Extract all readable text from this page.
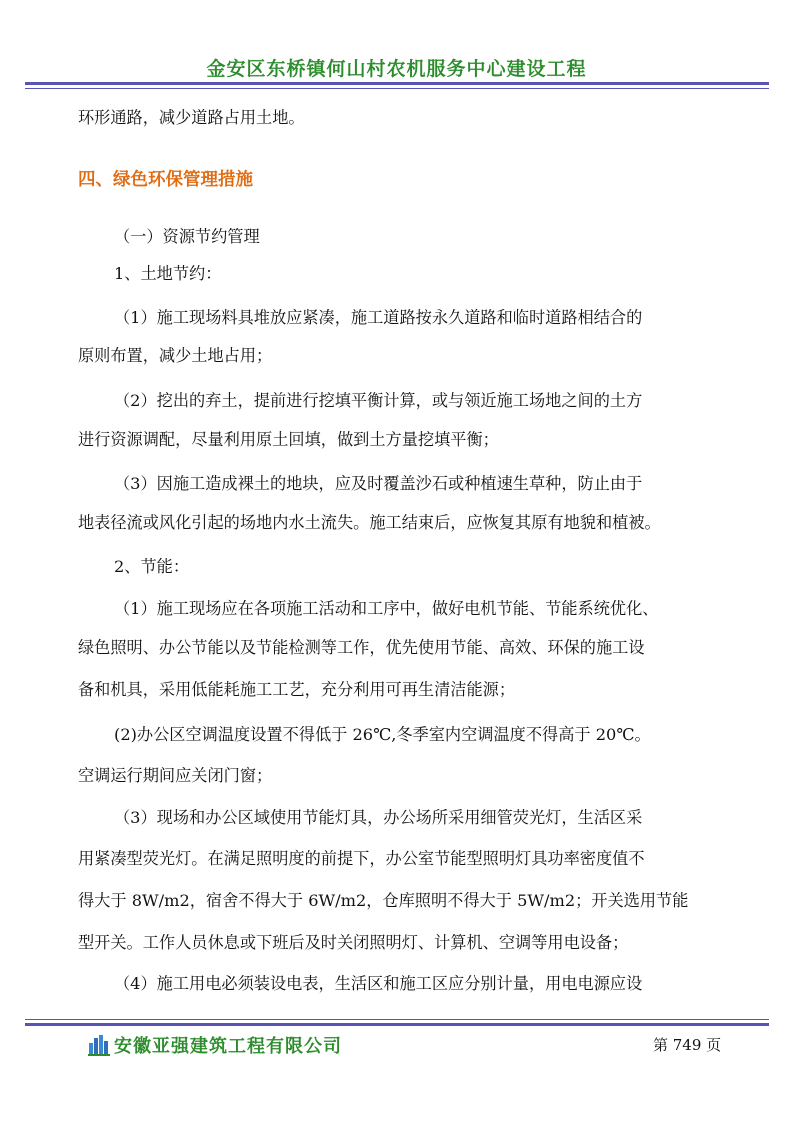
金安区东桥镇何山村农机服务中心建设工程
环形通路，减少道路占用土地。
四、绿色环保管理措施
（一）资源节约管理
1、土地节约：
（1）施工现场料具堆放应紧凑，施工道路按永久道路和临时道路相结合的
原则布置，减少土地占用；
（2）挖出的弃土，提前进行挖填平衡计算，或与领近施工场地之间的土方
进行资源调配，尽量利用原土回填，做到土方量挖填平衡；
（3）因施工造成裸土的地块，应及时覆盖沙石或种植速生草种，防止由于
地表径流或风化引起的场地内水土流失。施工结束后，应恢复其原有地貌和植被。
2、节能：
（1）施工现场应在各项施工活动和工序中，做好电机节能、节能系统优化、
绿色照明、办公节能以及节能检测等工作，优先使用节能、高效、环保的施工设
备和机具，采用低能耗施工工艺，充分利用可再生清洁能源；
(2)办公区空调温度设置不得低于 26℃,冬季室内空调温度不得高于 20℃。
空调运行期间应关闭门窗；
（3）现场和办公区域使用节能灯具，办公场所采用细管荧光灯，生活区采
用紧凑型荧光灯。在满足照明度的前提下，办公室节能型照明灯具功率密度值不
得大于 8W/m2，宿舍不得大于 6W/m2，仓库照明不得大于 5W/m2；开关选用节能
型开关。工作人员休息或下班后及时关闭照明灯、计算机、空调等用电设备；
（4）施工用电必须装设电表，生活区和施工区应分别计量，用电电源应设
安徽亚强建筑工程有限公司	第 749 页
